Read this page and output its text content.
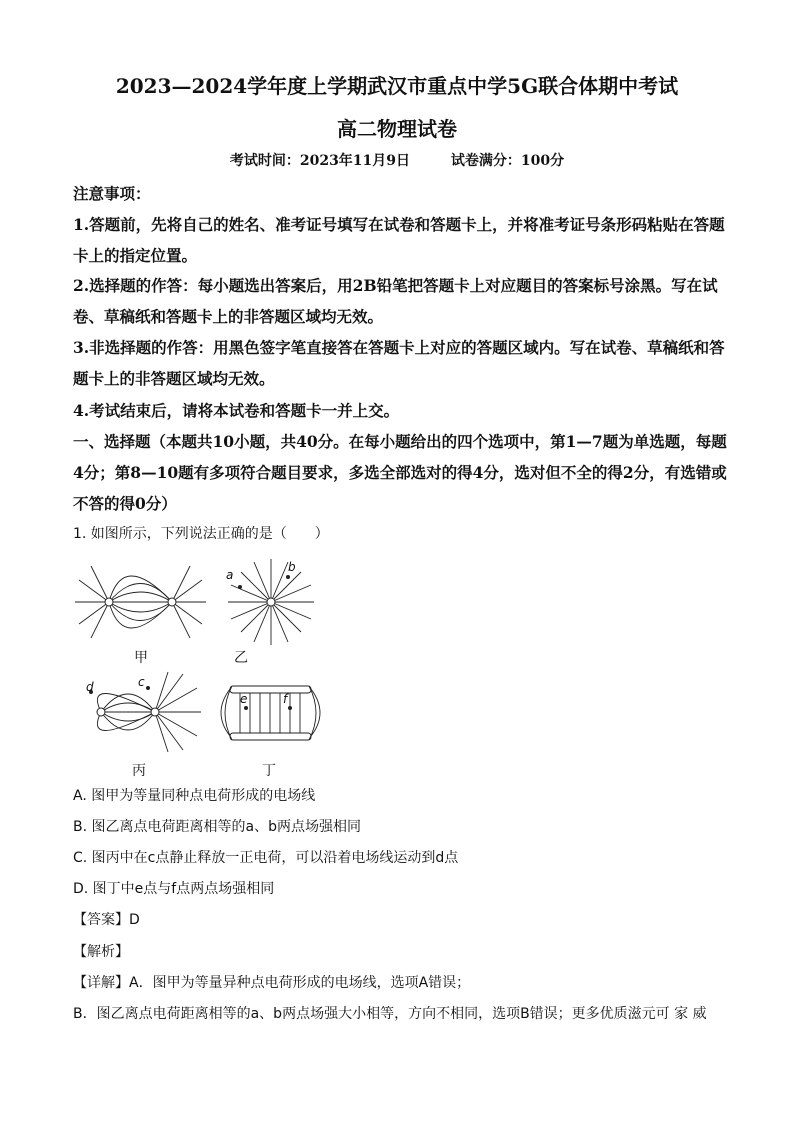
2023—2024学年度上学期武汉市重点中学5G联合体期中考试
高二物理试卷
考试时间：2023年11月9日	试卷满分：100分
注意事项：
1.答题前，先将自己的姓名、准考证号填写在试卷和答题卡上，并将准考证号条形码粘贴在答题卡上的指定位置。
2.选择题的作答：每小题选出答案后，用2B铅笔把答题卡上对应题目的答案标号涂黑。写在试卷、草稿纸和答题卡上的非答题区域均无效。
3.非选择题的作答：用黑色签字笔直接答在答题卡上对应的答题区域内。写在试卷、草稿纸和答题卡上的非答题区域均无效。
4.考试结束后，请将本试卷和答题卡一并上交。
一、选择题（本题共10小题，共40分。在每小题给出的四个选项中，第1—7题为单选题，每题4分；第8—10题有多项符合题目要求，多选全部选对的得4分，选对但不全的得2分，有选错或不答的得0分）
1. 如图所示，下列说法正确的是（　　）
甲
a
b
乙
c
d
丙
e	f
丁
A. 图甲为等量同种点电荷形成的电场线
B. 图乙离点电荷距离相等的a、b两点场强相同
C. 图丙中在c点静止释放一正电荷，可以沿着电场线运动到d点
D. 图丁中e点与f点两点场强相同
【答案】D
【解析】
【详解】A．图甲为等量异种点电荷形成的电场线，选项A错误；
B．图乙离点电荷距离相等的a、b两点场强大小相等，方向不相同，选项B错误；更多优质滋元可 家 威
